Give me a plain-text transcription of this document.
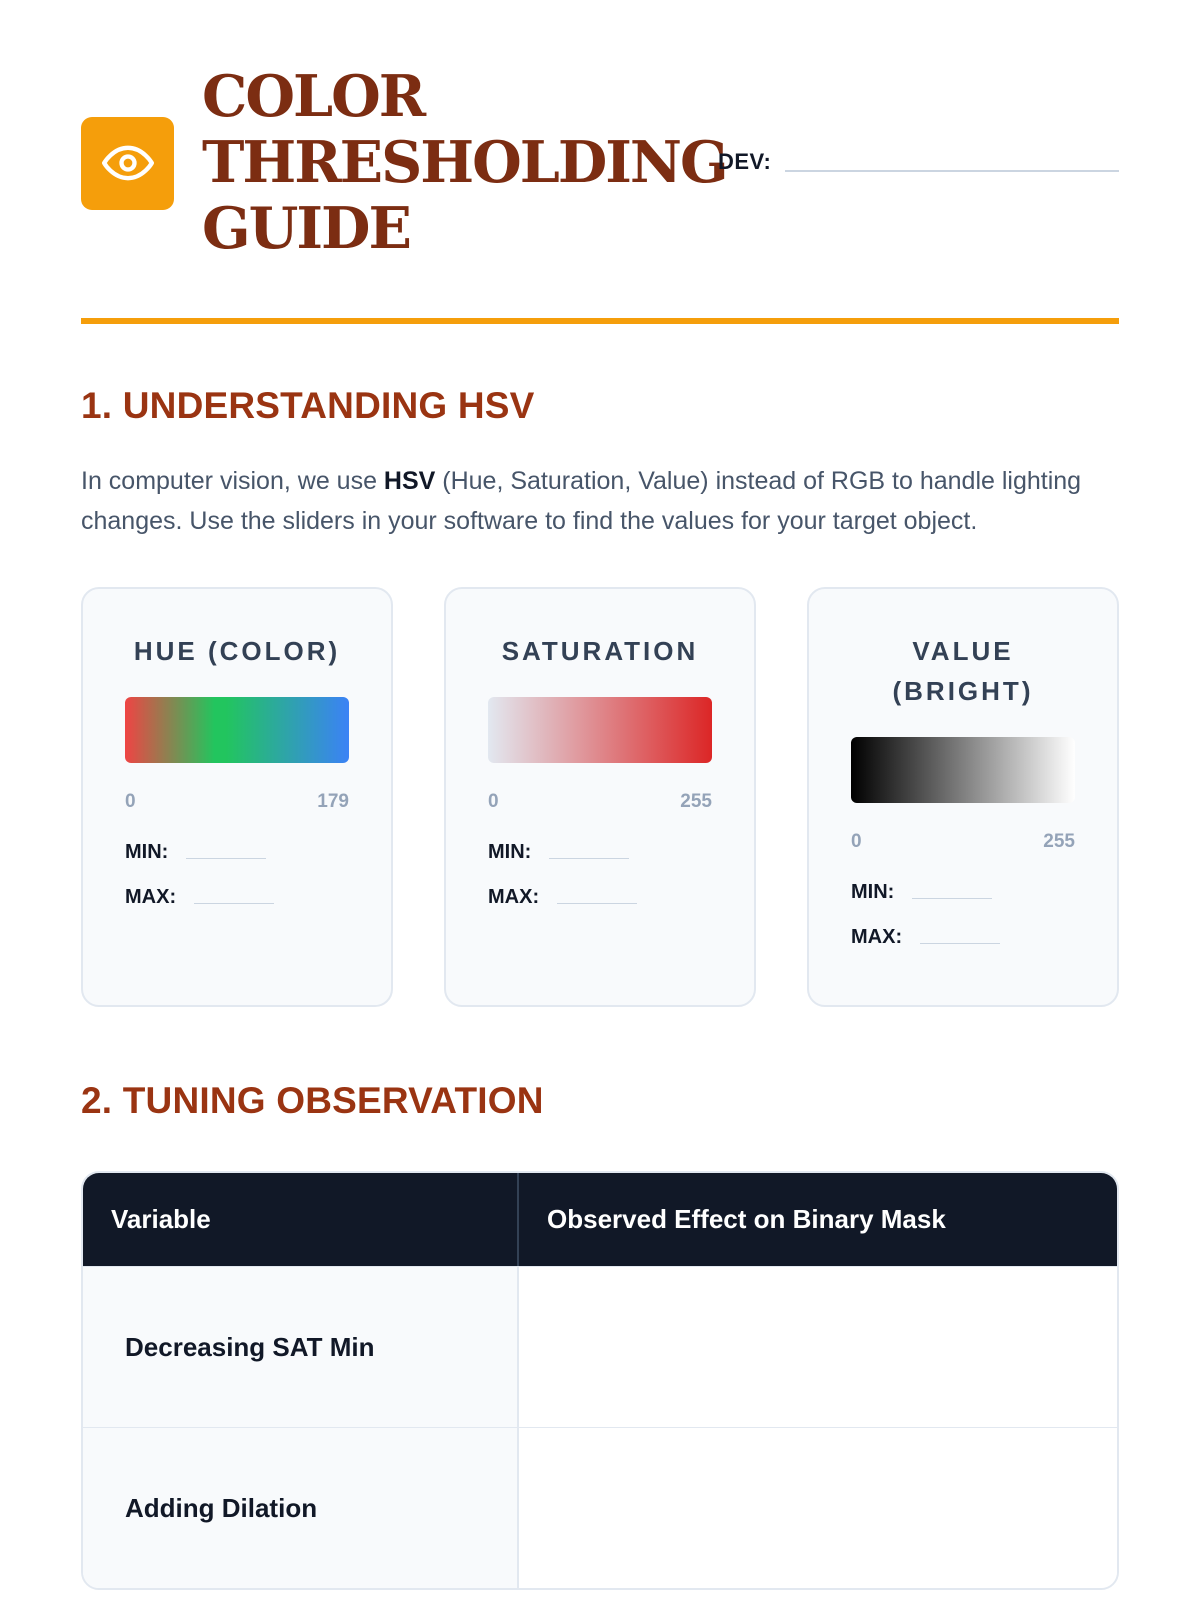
COLOR
THRESHOLDING
GUIDE
DEV:
1. UNDERSTANDING HSV

In computer vision, we use HSV (Hue, Saturation, Value) instead of RGB to handle lighting changes. Use the sliders in your software to find the values for your target object.

HUE (COLOR)
0	179
MIN:
MAX:
SATURATION
0	255
MIN:
MAX:
VALUE (BRIGHT)
0	255
MIN:
MAX:
2. TUNING OBSERVATION
Variable	Observed Effect on Binary Mask
Decreasing SAT Min
Adding Dilation
